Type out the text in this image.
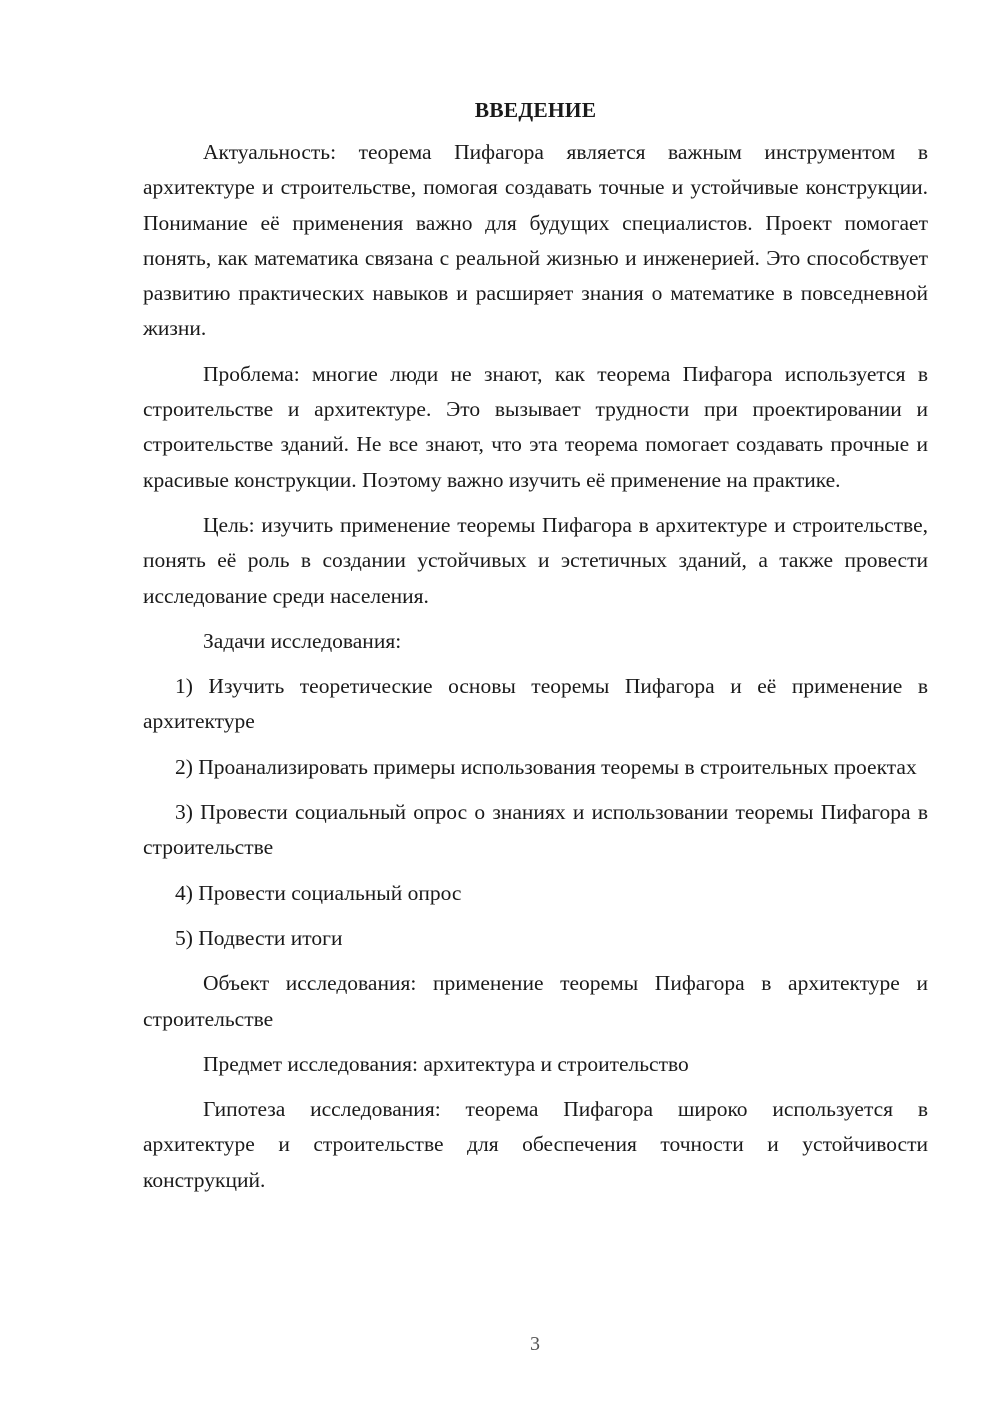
ВВЕДЕНИЕ
Актуальность: теорема Пифагора является важным инструментом в архитектуре и строительстве, помогая создавать точные и устойчивые конструкции. Понимание её применения важно для будущих специалистов. Проект помогает понять, как математика связана с реальной жизнью и инженерией. Это способствует развитию практических навыков и расширяет знания о математике в повседневной жизни.
Проблема: многие люди не знают, как теорема Пифагора используется в строительстве и архитектуре. Это вызывает трудности при проектировании и строительстве зданий. Не все знают, что эта теорема помогает создавать прочные и красивые конструкции. Поэтому важно изучить её применение на практике.
Цель: изучить применение теоремы Пифагора в архитектуре и строительстве, понять её роль в создании устойчивых и эстетичных зданий, а также провести исследование среди населения.
Задачи исследования:
1) Изучить теоретические основы теоремы Пифагора и её применение в архитектуре
2) Проанализировать примеры использования теоремы в строительных проектах
3) Провести социальный опрос о знаниях и использовании теоремы Пифагора в строительстве
4) Провести социальный опрос
5) Подвести итоги
Объект исследования: применение теоремы Пифагора в архитектуре и строительстве
Предмет исследования: архитектура и строительство
Гипотеза исследования: теорема Пифагора широко используется в архитектуре и строительстве для обеспечения точности и устойчивости конструкций.
3
